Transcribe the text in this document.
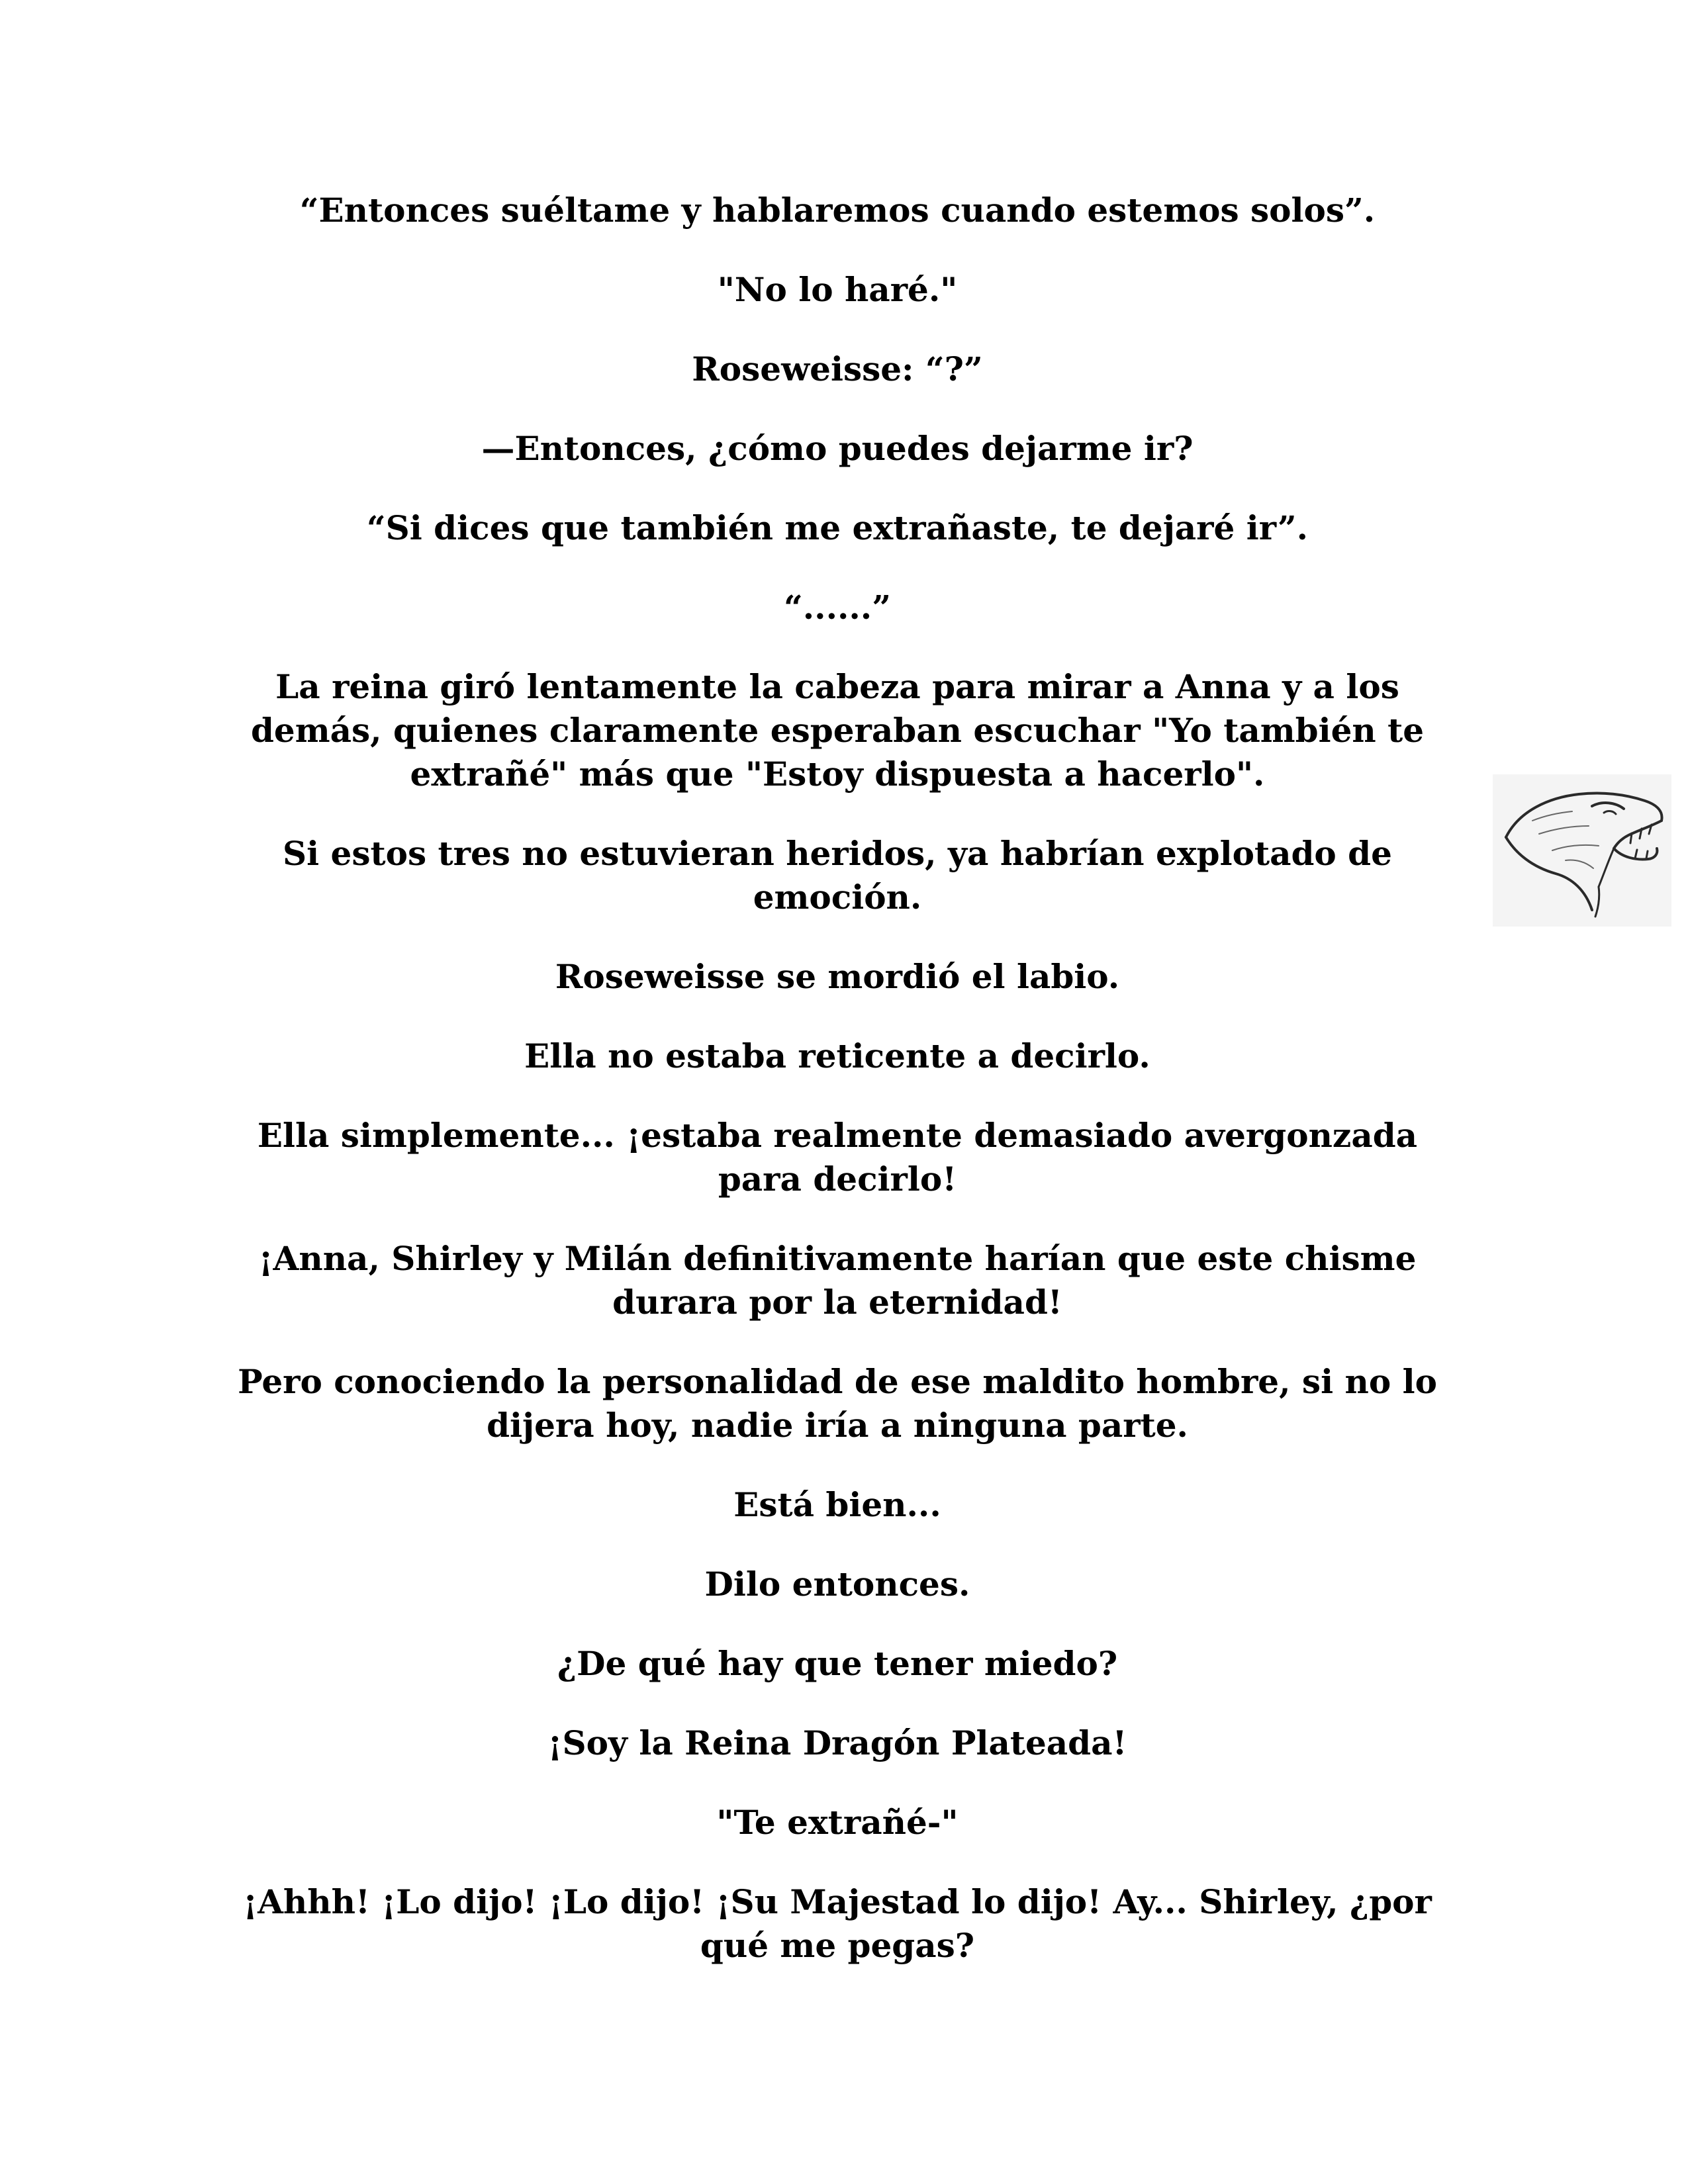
“Entonces suéltame y hablaremos cuando estemos solos”.

"No lo haré."

Roseweisse: “?”

—Entonces, ¿cómo puedes dejarme ir?

“Si dices que también me extrañaste, te dejaré ir”.

“......”

La reina giró lentamente la cabeza para mirar a Anna y a los demás, quienes claramente esperaban escuchar "Yo también te extrañé" más que "Estoy dispuesta a hacerlo".

Si estos tres no estuvieran heridos, ya habrían explotado de emoción.

Roseweisse se mordió el labio.

Ella no estaba reticente a decirlo.

Ella simplemente... ¡estaba realmente demasiado avergonzada para decirlo!

¡Anna, Shirley y Milán definitivamente harían que este chisme durara por la eternidad!

Pero conociendo la personalidad de ese maldito hombre, si no lo dijera hoy, nadie iría a ninguna parte.

Está bien...

Dilo entonces.

¿De qué hay que tener miedo?

¡Soy la Reina Dragón Plateada!

"Te extrañé-"

¡Ahhh! ¡Lo dijo! ¡Lo dijo! ¡Su Majestad lo dijo! Ay... Shirley, ¿por qué me pegas?
